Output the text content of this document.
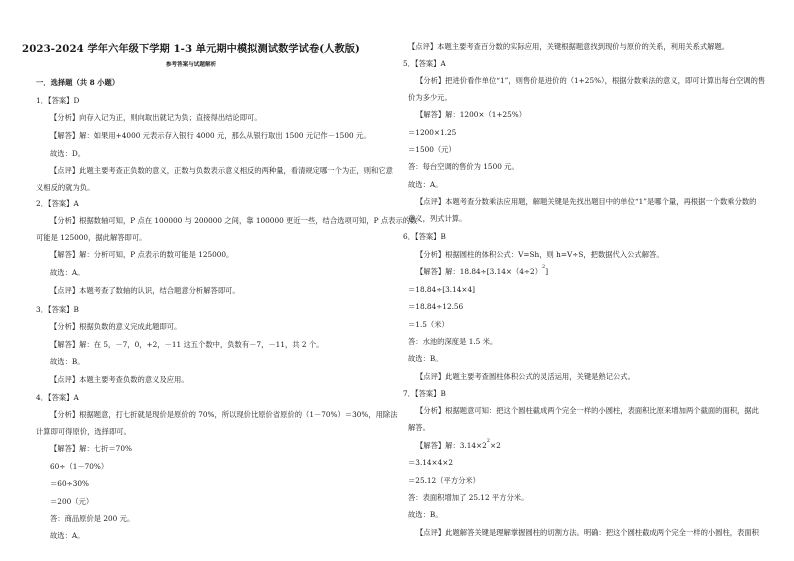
2023-2024 学年六年级下学期 1-3 单元期中模拟测试数学试卷(人教版)
参考答案与试题解析
一．选择题（共 8 小题）
1．【答案】D
【分析】向存入记为正，则向取出就记为负；直接得出结论即可。
【解答】解：如果用+4000 元表示存入银行 4000 元，那么从银行取出 1500 元记作－1500 元。
故选：D。
【点评】此题主要考查正负数的意义，正数与负数表示意义相反的两种量，看清规定哪一个为正，则和它意
义相反的就为负。
2．【答案】A
【分析】根据数轴可知，P 点在 100000 与 200000 之间，靠 100000 更近一些，结合选项可知，P 点表示的数
可能是 125000，据此解答即可。
【解答】解：分析可知，P 点表示的数可能是 125000。
故选：A。
【点评】本题考查了数轴的认识，结合题意分析解答即可。
3．【答案】B
【分析】根据负数的意义完成此题即可。
【解答】解：在 5，－7，0，+2，－11 这五个数中，负数有－7，－11，共 2 个。
故选：B。
【点评】本题主要考查负数的意义及应用。
4．【答案】A
【分析】根据题意，打七折就是现价是原价的 70%，所以现价比原价省原价的（1－70%）＝30%，用除法
计算即可得原价，选择即可。
【解答】解：七折＝70%
60÷（1－70%）
＝60÷30%
＝200（元）
答：商品原价是 200 元。
故选：A。
【点评】本题主要考查百分数的实际应用，关键根据题意找到现价与原价的关系，利用关系式解题。
5．【答案】A
【分析】把进价看作单位“1”，则售价是进价的（1+25%），根据分数乘法的意义，即可计算出每台空调的售
价为多少元。
【解答】解：1200×（1+25%）
＝1200×1.25
＝1500（元）
答：每台空调的售价为 1500 元。
故选：A。
【点评】本题考查分数乘法应用题，解题关键是先找出题目中的单位“1”是哪个量，再根据一个数乘分数的
意义，列式计算。
6．【答案】B
【分析】根据圆柱的体积公式：V=Sh，则 h=V÷S，把数据代入公式解答。
【解答】解：$18.84\div[3.14\times(4\div 2)^2]$
＝18.84÷[3.14×4]
＝18.84÷12.56
＝1.5（米）
答：水池的深度是 1.5 米。
故选：B。
【点评】此题主要考查圆柱体积公式的灵活运用，关键是熟记公式。
7．【答案】B
【分析】根据题意可知：把这个圆柱截成两个完全一样的小圆柱，表面积比原来增加两个截面的面积，据此
解答。
【解答】解：$3.14\times 2^2\times 2$
＝3.14×4×2
＝25.12（平方分米）
答：表面积增加了 25.12 平方分米。
故选：B。
【点评】此题解答关键是理解掌握圆柱的切割方法。明确：把这个圆柱截成两个完全一样的小圆柱，表面积
